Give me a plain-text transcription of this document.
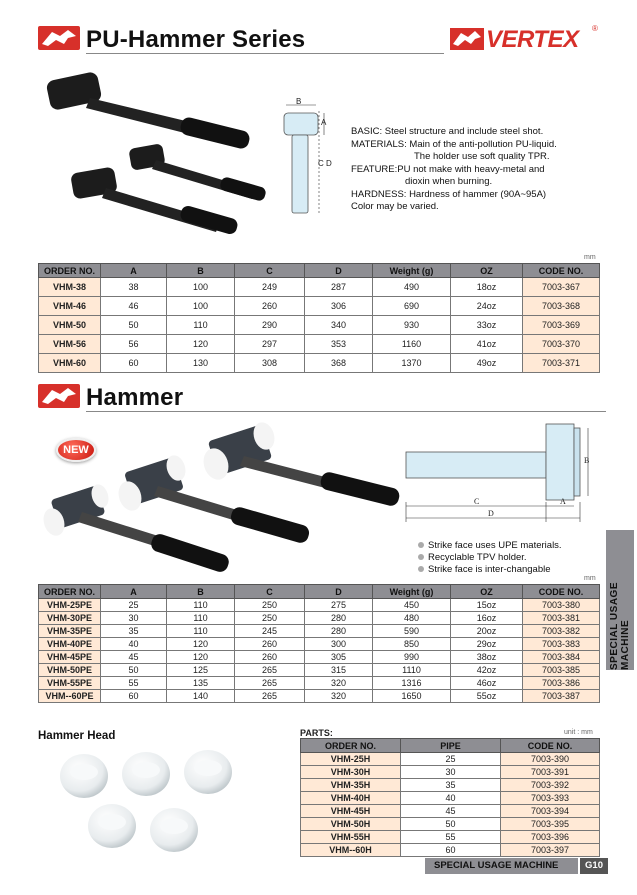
PU-Hammer Series	VERTEX ®
B
A
C D
BASIC: Steel structure and include steel shot.
MATERIALS: Main of the anti-pollution PU-liquid.
The holder use soft quality TPR.
FEATURE:PU not make with heavy-metal and
dioxin when burning.
HARDNESS: Hardness of hammer (90A~95A)
Color may be varied.
mm
ORDER NO.	A	B	C	D	Weight (g)	OZ	CODE NO.
VHM-38	38	100	249	287	490	18oz	7003-367
VHM-46	46	100	260	306	690	24oz	7003-368
VHM-50	50	110	290	340	930	33oz	7003-369
VHM-56	56	120	297	353	1160	41oz	7003-370
VHM-60	60	130	308	368	1370	49oz	7003-371
Hammer
NEW
B
C	A
D
Strike face uses UPE materials.
Recyclable TPV holder.
Strike face is inter-changable
mm
SPECIAL USAGE MACHINE
ORDER NO.	A	B	C	D	Weight (g)	OZ	CODE NO.
VHM-25PE	25	110	250	275	450	15oz	7003-380
VHM-30PE	30	110	250	280	480	16oz	7003-381
VHM-35PE	35	110	245	280	590	20oz	7003-382
VHM-40PE	40	120	260	300	850	29oz	7003-383
VHM-45PE	45	120	260	305	990	38oz	7003-384
VHM-50PE	50	125	265	315	1110	42oz	7003-385
VHM-55PE	55	135	265	320	1316	46oz	7003-386
VHM--60PE	60	140	265	320	1650	55oz	7003-387
Hammer Head	PARTS:	unit : mm
ORDER NO.	PIPE	CODE NO.
VHM-25H	25	7003-390
VHM-30H	30	7003-391
VHM-35H	35	7003-392
VHM-40H	40	7003-393
VHM-45H	45	7003-394
VHM-50H	50	7003-395
VHM-55H	55	7003-396
VHM--60H	60	7003-397
SPECIAL USAGE MACHINE	G10
